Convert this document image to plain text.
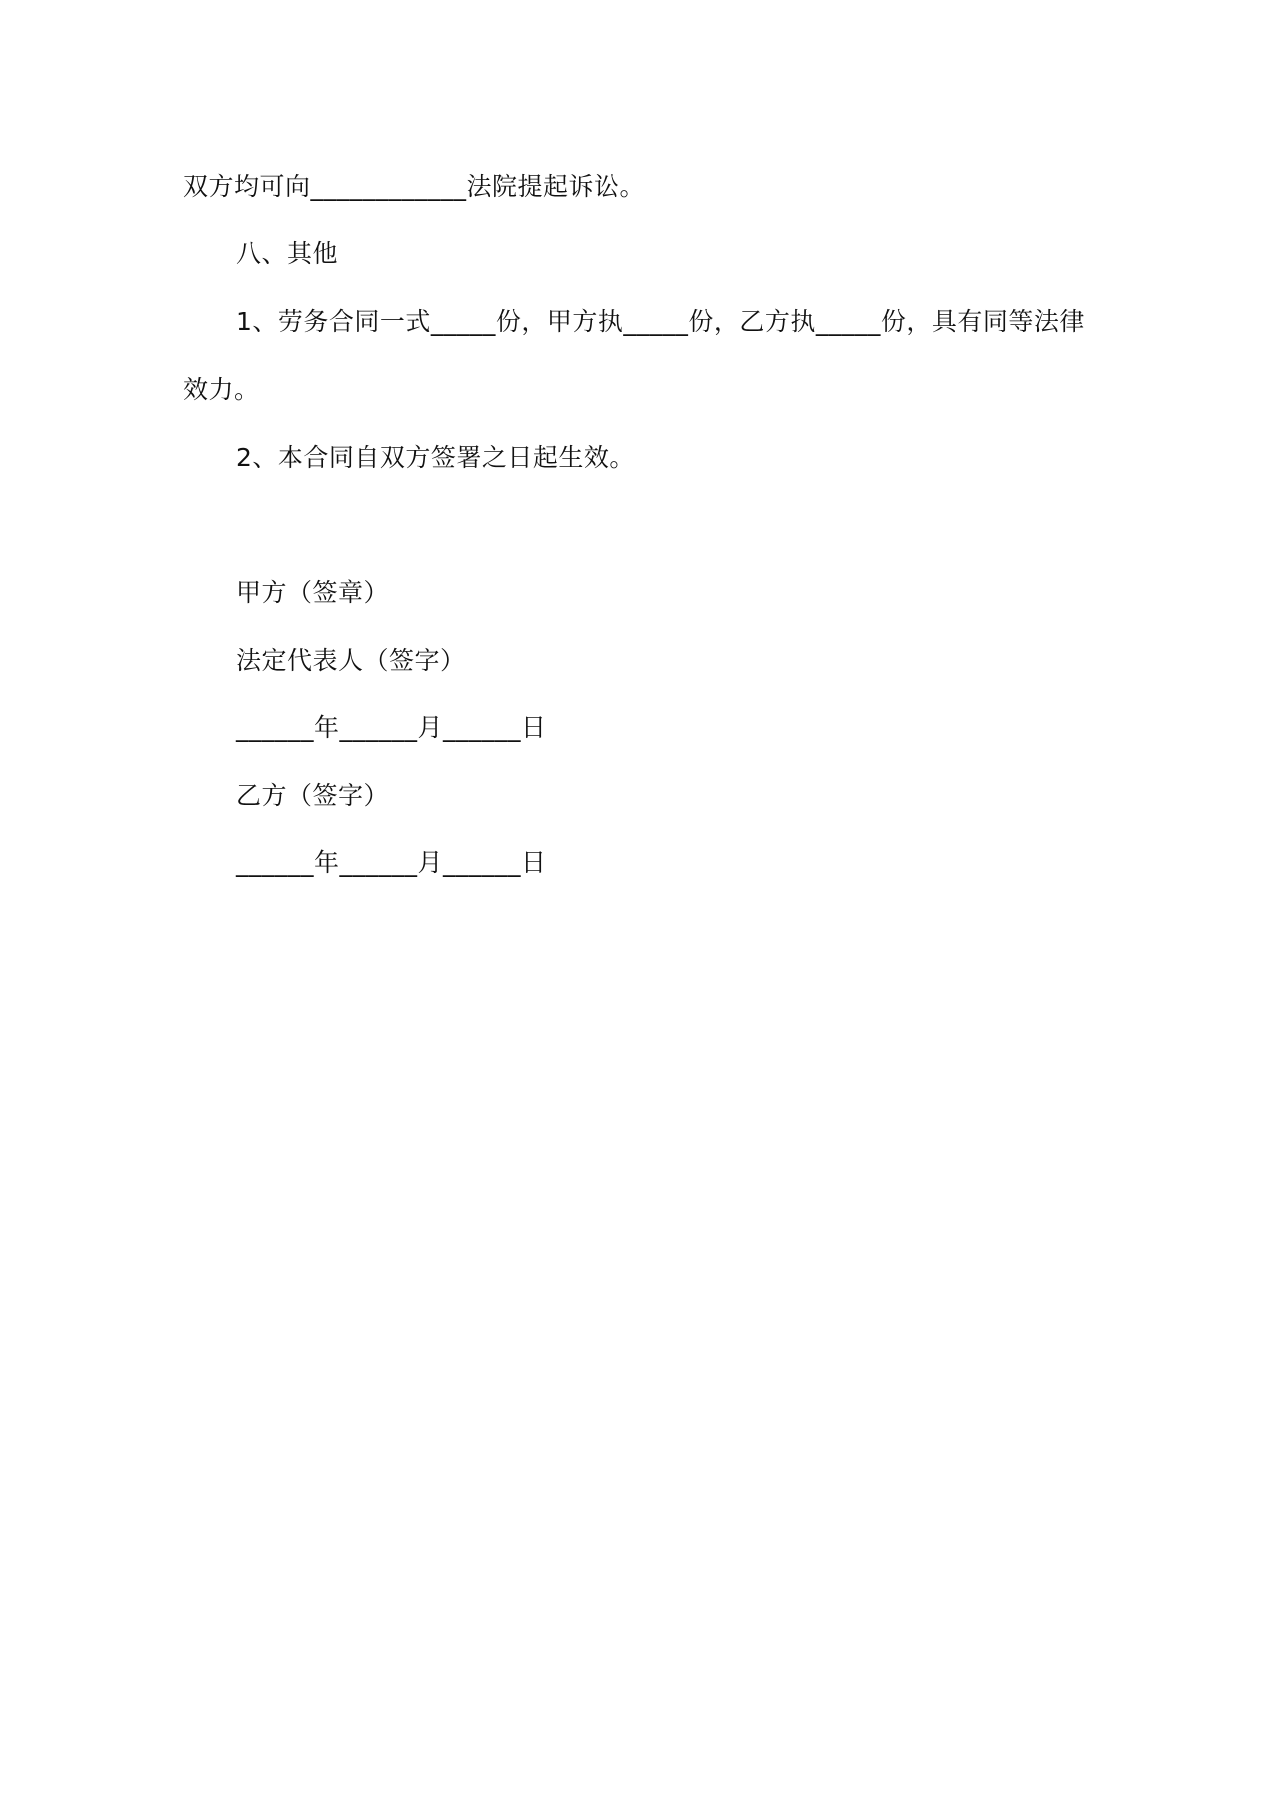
双方均可向____________法院提起诉讼。
八、其他
1、劳务合同一式_____份，甲方执_____份，乙方执_____份，具有同等法律
效力。
2、本合同自双方签署之日起生效。
甲方（签章）
法定代表人（签字）
______年______月______日
乙方（签字）
______年______月______日
